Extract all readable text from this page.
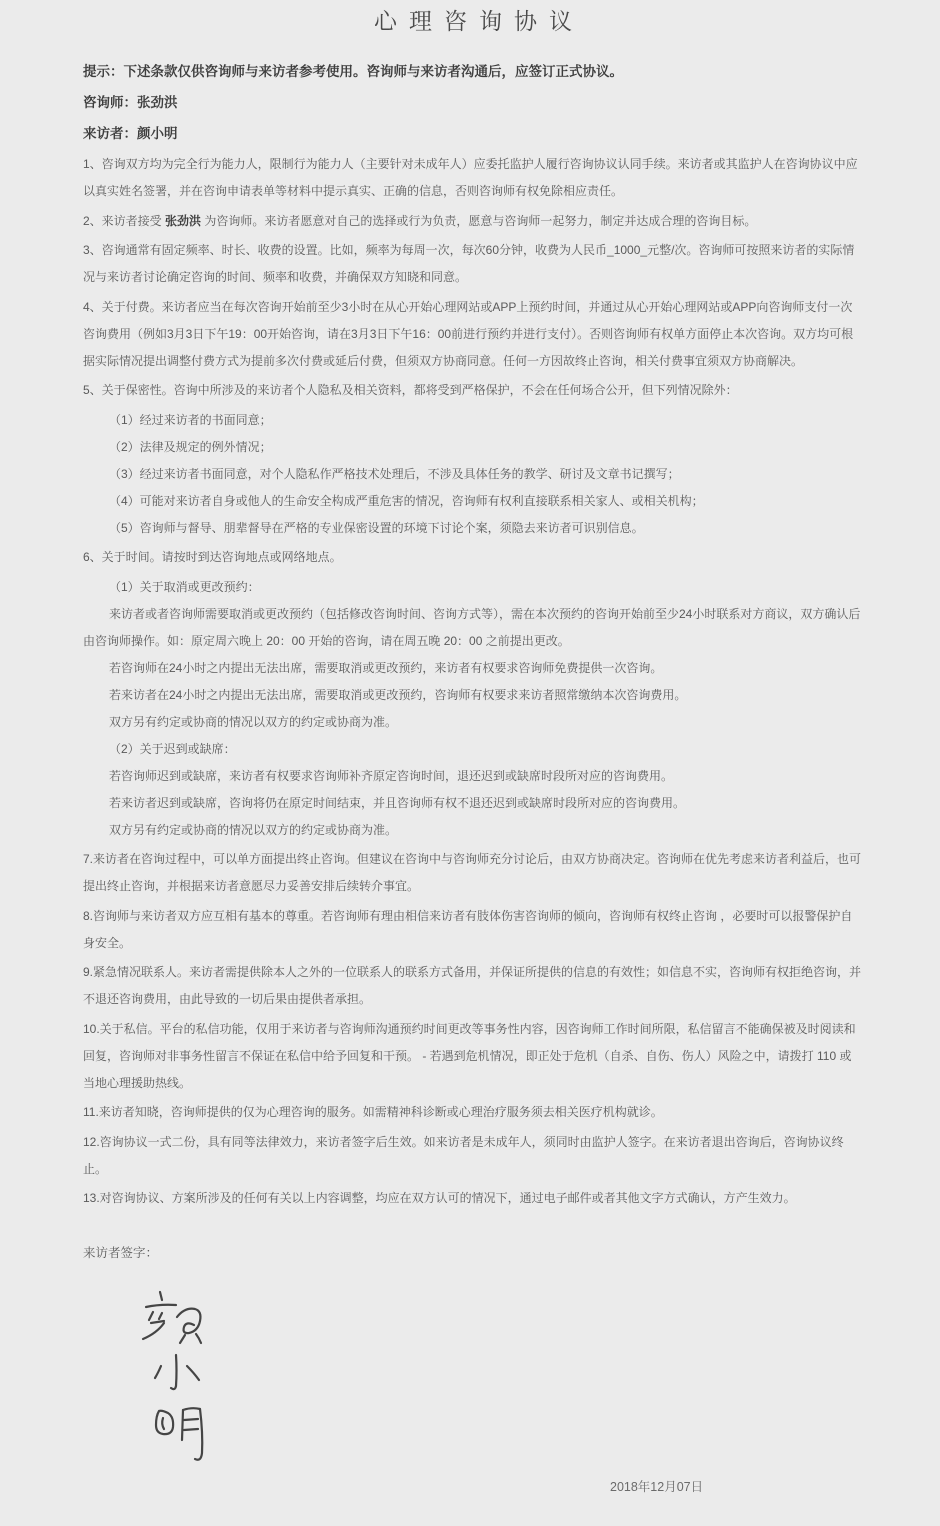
心理咨询协议

提示：下述条款仅供咨询师与来访者参考使用。咨询师与来访者沟通后，应签订正式协议。

咨询师：张劲洪

来访者：颜小明

1、咨询双方均为完全行为能力人，限制行为能力人（主要针对未成年人）应委托监护人履行咨询协议认同手续。来访者或其监护人在咨询协议中应以真实姓名签署，并在咨询申请表单等材料中提示真实、正确的信息，否则咨询师有权免除相应责任。

2、来访者接受 张劲洪 为咨询师。来访者愿意对自己的选择或行为负责，愿意与咨询师一起努力，制定并达成合理的咨询目标。

3、咨询通常有固定频率、时长、收费的设置。比如，频率为每周一次，每次60分钟，收费为人民币_1000_元整/次。咨询师可按照来访者的实际情况与来访者讨论确定咨询的时间、频率和收费，并确保双方知晓和同意。

4、关于付费。来访者应当在每次咨询开始前至少3小时在从心开始心理网站或APP上预约时间，并通过从心开始心理网站或APP向咨询师支付一次咨询费用（例如3月3日下午19：00开始咨询，请在3月3日下午16：00前进行预约并进行支付）。否则咨询师有权单方面停止本次咨询。双方均可根据实际情况提出调整付费方式为提前多次付费或延后付费，但须双方协商同意。任何一方因故终止咨询，相关付费事宜须双方协商解决。

5、关于保密性。咨询中所涉及的来访者个人隐私及相关资料，都将受到严格保护，不会在任何场合公开，但下列情况除外：

（1）经过来访者的书面同意；

（2）法律及规定的例外情况；

（3）经过来访者书面同意，对个人隐私作严格技术处理后，不涉及具体任务的教学、研讨及文章书记撰写；

（4）可能对来访者自身或他人的生命安全构成严重危害的情况，咨询师有权利直接联系相关家人、或相关机构；

（5）咨询师与督导、朋辈督导在严格的专业保密设置的环境下讨论个案，须隐去来访者可识别信息。

6、关于时间。请按时到达咨询地点或网络地点。

（1）关于取消或更改预约：

来访者或者咨询师需要取消或更改预约（包括修改咨询时间、咨询方式等），需在本次预约的咨询开始前至少24小时联系对方商议，双方确认后由咨询师操作。如：原定周六晚上 20：00 开始的咨询，请在周五晚 20：00 之前提出更改。

若咨询师在24小时之内提出无法出席，需要取消或更改预约，来访者有权要求咨询师免费提供一次咨询。

若来访者在24小时之内提出无法出席，需要取消或更改预约，咨询师有权要求来访者照常缴纳本次咨询费用。

双方另有约定或协商的情况以双方的约定或协商为准。

（2）关于迟到或缺席：

若咨询师迟到或缺席，来访者有权要求咨询师补齐原定咨询时间，退还迟到或缺席时段所对应的咨询费用。

若来访者迟到或缺席，咨询将仍在原定时间结束，并且咨询师有权不退还迟到或缺席时段所对应的咨询费用。

双方另有约定或协商的情况以双方的约定或协商为准。

7.来访者在咨询过程中，可以单方面提出终止咨询。但建议在咨询中与咨询师充分讨论后，由双方协商决定。咨询师在优先考虑来访者利益后，也可提出终止咨询，并根据来访者意愿尽力妥善安排后续转介事宜。

8.咨询师与来访者双方应互相有基本的尊重。若咨询师有理由相信来访者有肢体伤害咨询师的倾向，咨询师有权终止咨询 ，必要时可以报警保护自身安全。

9.紧急情况联系人。来访者需提供除本人之外的一位联系人的联系方式备用，并保证所提供的信息的有效性；如信息不实，咨询师有权拒绝咨询，并不退还咨询费用，由此导致的一切后果由提供者承担。

10.关于私信。平台的私信功能，仅用于来访者与咨询师沟通预约时间更改等事务性内容，因咨询师工作时间所限，私信留言不能确保被及时阅读和回复，咨询师对非事务性留言不保证在私信中给予回复和干预。 - 若遇到危机情况，即正处于危机（自杀、自伤、伤人）风险之中，请拨打 110 或当地心理援助热线。

11.来访者知晓，咨询师提供的仅为心理咨询的服务。如需精神科诊断或心理治疗服务须去相关医疗机构就诊。

12.咨询协议一式二份，具有同等法律效力，来访者签字后生效。如来访者是未成年人，须同时由监护人签字。在来访者退出咨询后，咨询协议终止。

13.对咨询协议、方案所涉及的任何有关以上内容调整，均应在双方认可的情况下，通过电子邮件或者其他文字方式确认，方产生效力。

来访者签字：
2018年12月07日
